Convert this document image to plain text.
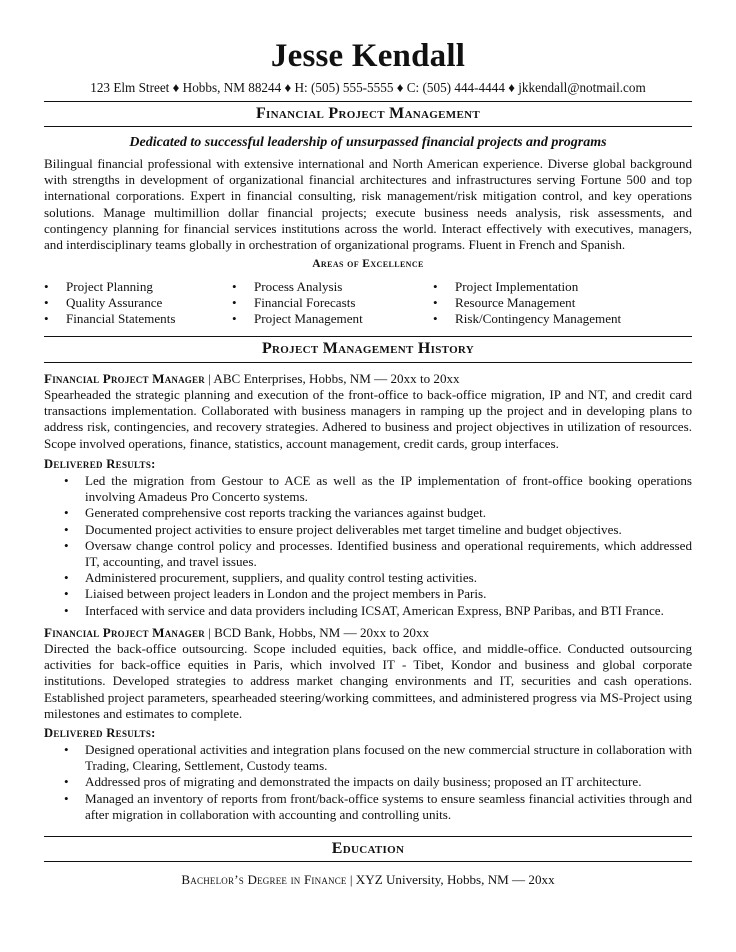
Jesse Kendall
123 Elm Street ♦ Hobbs, NM 88244 ♦ H: (505) 555-5555 ♦ C: (505) 444-4444 ♦ jkkendall@notmail.com
Financial Project Management
Dedicated to successful leadership of unsurpassed financial projects and programs
Bilingual financial professional with extensive international and North American experience. Diverse global background with strengths in development of organizational financial architectures and infrastructures serving Fortune 500 and top international corporations. Expert in financial consulting, risk management/risk mitigation control, and key operations solutions. Manage multimillion dollar financial projects; execute business needs analysis, risk assessments, and contingency planning for financial services institutions across the world. Interact effectively with executives, managers, and interdisciplinary teams globally in orchestration of organizational programs. Fluent in French and Spanish.
Areas of Excellence
• Project Planning
• Quality Assurance
• Financial Statements
• Process Analysis
• Financial Forecasts
• Project Management
• Project Implementation
• Resource Management
• Risk/Contingency Management
Project Management History
Financial Project Manager | ABC Enterprises, Hobbs, NM — 20xx to 20xx
Spearheaded the strategic planning and execution of the front-office to back-office migration, IP and NT, and credit card transactions implementation. Collaborated with business managers in ramping up the project and in developing plans to address risk, contingencies, and recovery strategies. Adhered to business and project objectives in utilization of resources. Scope involved operations, finance, statistics, account management, credit cards, group interfaces.
Delivered Results:
• Led the migration from Gestour to ACE as well as the IP implementation of front-office booking operations involving Amadeus Pro Concerto systems.
• Generated comprehensive cost reports tracking the variances against budget.
• Documented project activities to ensure project deliverables met target timeline and budget objectives.
• Oversaw change control policy and processes. Identified business and operational requirements, which addressed IT, accounting, and travel issues.
• Administered procurement, suppliers, and quality control testing activities.
• Liaised between project leaders in London and the project members in Paris.
• Interfaced with service and data providers including ICSAT, American Express, BNP Paribas, and BTI France.
Financial Project Manager | BCD Bank, Hobbs, NM — 20xx to 20xx
Directed the back-office outsourcing. Scope included equities, back office, and middle-office. Conducted outsourcing activities for back-office equities in Paris, which involved IT - Tibet, Kondor and business and global corporate institutions. Developed strategies to address market changing environments and IT, securities and cash operations. Established project parameters, spearheaded steering/working committees, and administered progress via MS-Project using milestones and estimates to complete.
Delivered Results:
• Designed operational activities and integration plans focused on the new commercial structure in collaboration with Trading, Clearing, Settlement, Custody teams.
• Addressed pros of migrating and demonstrated the impacts on daily business; proposed an IT architecture.
• Managed an inventory of reports from front/back-office systems to ensure seamless financial activities through and after migration in collaboration with accounting and controlling units.
Education
Bachelor’s Degree in Finance | XYZ University, Hobbs, NM — 20xx
